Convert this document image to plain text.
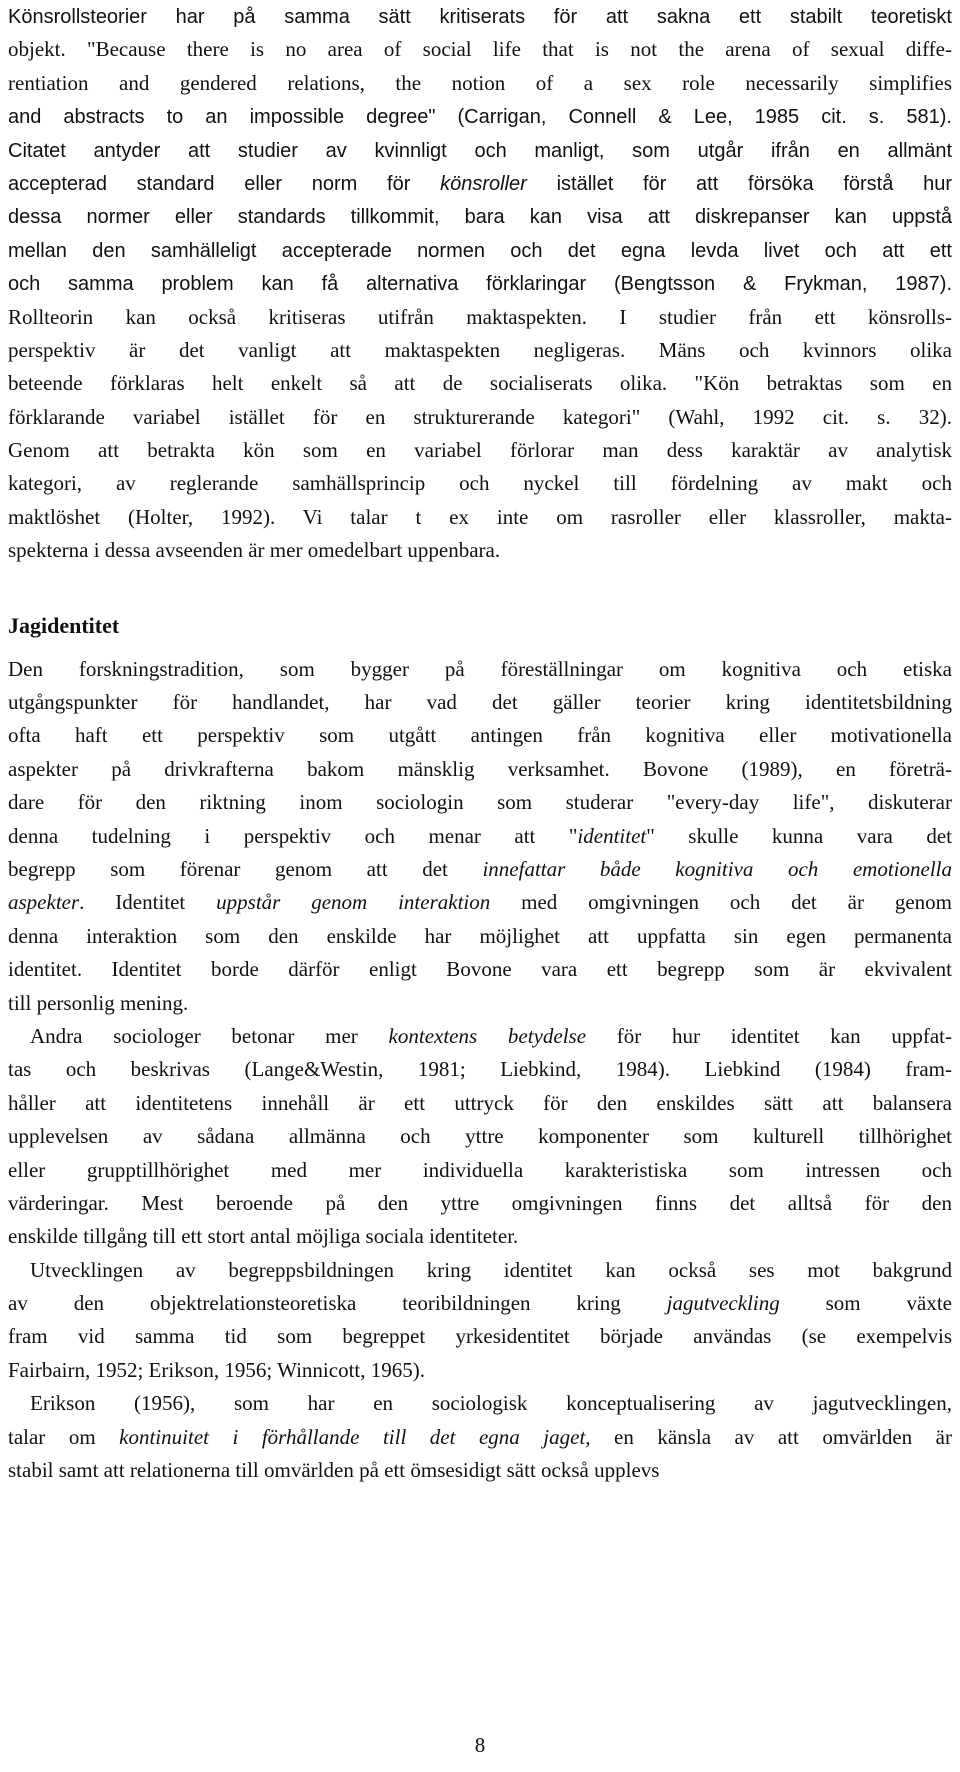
Könsrollsteorier har på samma sätt kritiserats för att sakna ett stabilt teoretiskt
objekt. "Because there is no area of social life that is not the arena of sexual diffe-
rentiation and gendered relations, the notion of a sex role necessarily simplifies
and abstracts to an impossible degree" (Carrigan, Connell & Lee, 1985 cit. s. 581).
Citatet antyder att studier av kvinnligt och manligt, som utgår ifrån en allmänt
accepterad standard eller norm för könsroller istället för att försöka förstå hur
dessa normer eller standards tillkommit, bara kan visa att diskrepanser kan uppstå
mellan den samhälleligt accepterade normen och det egna levda livet och att ett
och samma problem kan få alternativa förklaringar (Bengtsson & Frykman, 1987).
Rollteorin kan också kritiseras utifrån maktaspekten. I studier från ett könsrolls-
perspektiv är det vanligt att maktaspekten negligeras. Mäns och kvinnors olika
beteende förklaras helt enkelt så att de socialiserats olika. "Kön betraktas som en
förklarande variabel istället för en strukturerande kategori" (Wahl, 1992 cit. s. 32).
Genom att betrakta kön som en variabel förlorar man dess karaktär av analytisk
kategori, av reglerande samhällsprincip och nyckel till fördelning av makt och
maktlöshet (Holter, 1992). Vi talar t ex inte om rasroller eller klassroller, makta-
spekterna i dessa avseenden är mer omedelbart uppenbara.
Jagidentitet
Den forskningstradition, som bygger på föreställningar om kognitiva och etiska
utgångspunkter för handlandet, har vad det gäller teorier kring identitetsbildning
ofta haft ett perspektiv som utgått antingen från kognitiva eller motivationella
aspekter på drivkrafterna bakom mänsklig verksamhet. Bovone (1989), en företrä-
dare för den riktning inom sociologin som studerar "every-day life", diskuterar
denna tudelning i perspektiv och menar att "identitet" skulle kunna vara det
begrepp som förenar genom att det innefattar både kognitiva och emotionella
aspekter. Identitet uppstår genom interaktion med omgivningen och det är genom
denna interaktion som den enskilde har möjlighet att uppfatta sin egen permanenta
identitet. Identitet borde därför enligt Bovone vara ett begrepp som är ekvivalent
till personlig mening.
Andra sociologer betonar mer kontextens betydelse för hur identitet kan uppfat-
tas och beskrivas (Lange&Westin, 1981; Liebkind, 1984). Liebkind (1984) fram-
håller att identitetens innehåll är ett uttryck för den enskildes sätt att balansera
upplevelsen av sådana allmänna och yttre komponenter som kulturell tillhörighet
eller grupptillhörighet med mer individuella karakteristiska som intressen och
värderingar. Mest beroende på den yttre omgivningen finns det alltså för den
enskilde tillgång till ett stort antal möjliga sociala identiteter.
Utvecklingen av begreppsbildningen kring identitet kan också ses mot bakgrund
av den objektrelationsteoretiska teoribildningen kring jagutveckling som växte
fram vid samma tid som begreppet yrkesidentitet började användas (se exempelvis
Fairbairn, 1952; Erikson, 1956; Winnicott, 1965).
Erikson (1956), som har en sociologisk konceptualisering av jagutvecklingen,
talar om kontinuitet i förhållande till det egna jaget, en känsla av att omvärlden är
stabil samt att relationerna till omvärlden på ett ömsesidigt sätt också upplevs
8
